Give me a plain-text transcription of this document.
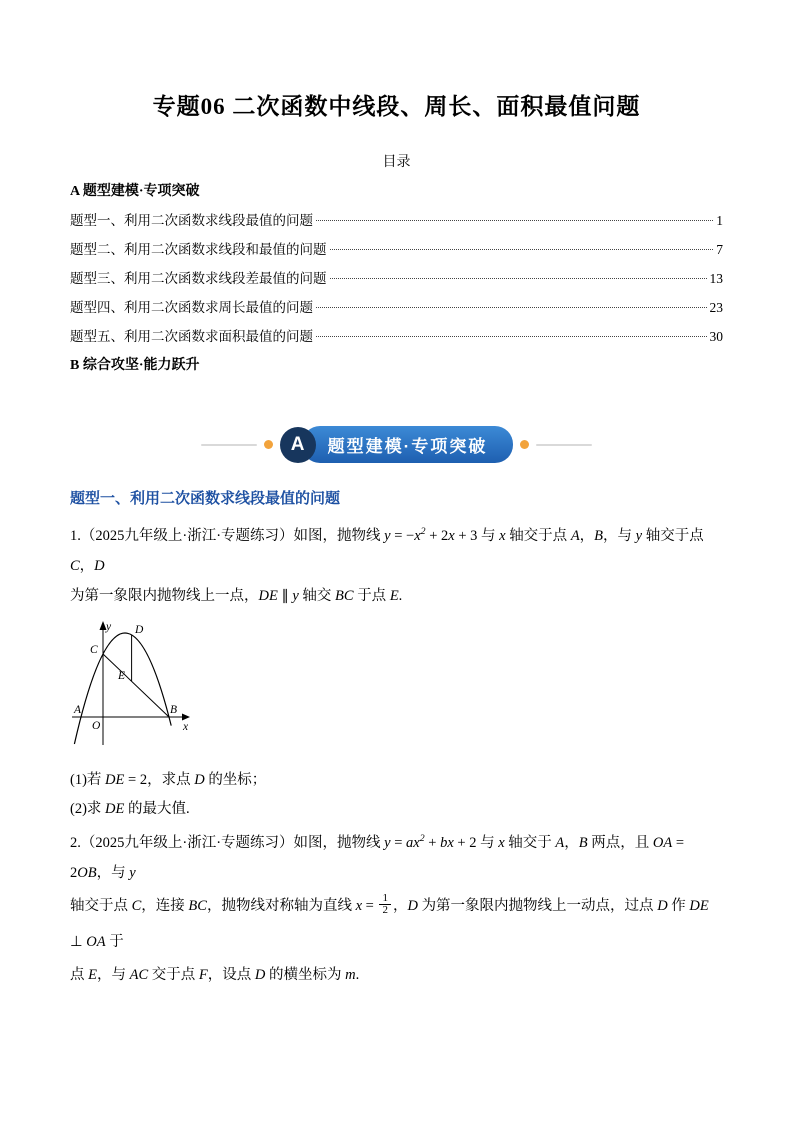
专题06 二次函数中线段、周长、面积最值问题
目录
A 题型建模·专项突破
题型一、利用二次函数求线段最值的问题	1
题型二、利用二次函数求线段和最值的问题	7
题型三、利用二次函数求线段差最值的问题	13
题型四、利用二次函数求周长最值的问题	23
题型五、利用二次函数求面积最值的问题	30
B 综合攻坚·能力跃升
A	题型建模·专项突破
题型一、利用二次函数求线段最值的问题
1.（2025九年级上·浙江·专题练习）如图，抛物线 $y = -x^2 + 2x + 3$ 与 x 轴交于点 A，B，与 y 轴交于点 C，D
为第一象限内抛物线上一点，DE ∥ y 轴交 BC 于点 E.
y
x
O
A	B
C
D
E
(1)若 DE = 2，求点 D 的坐标；
(2)求 DE 的最大值.
2.（2025九年级上·浙江·专题练习）如图，抛物线 $y = ax^2$ + bx + 2 与 x 轴交于 A，B 两点，且 OA = 2OB，与 y
轴交于点 C，连接 BC，抛物线对称轴为直线 $x = \frac{1}{2}$ ，D 为第一象限内抛物线上一动点，过点 D 作 DE ⊥ OA 于
点 E，与 AC 交于点 F，设点 D 的横坐标为 m.
